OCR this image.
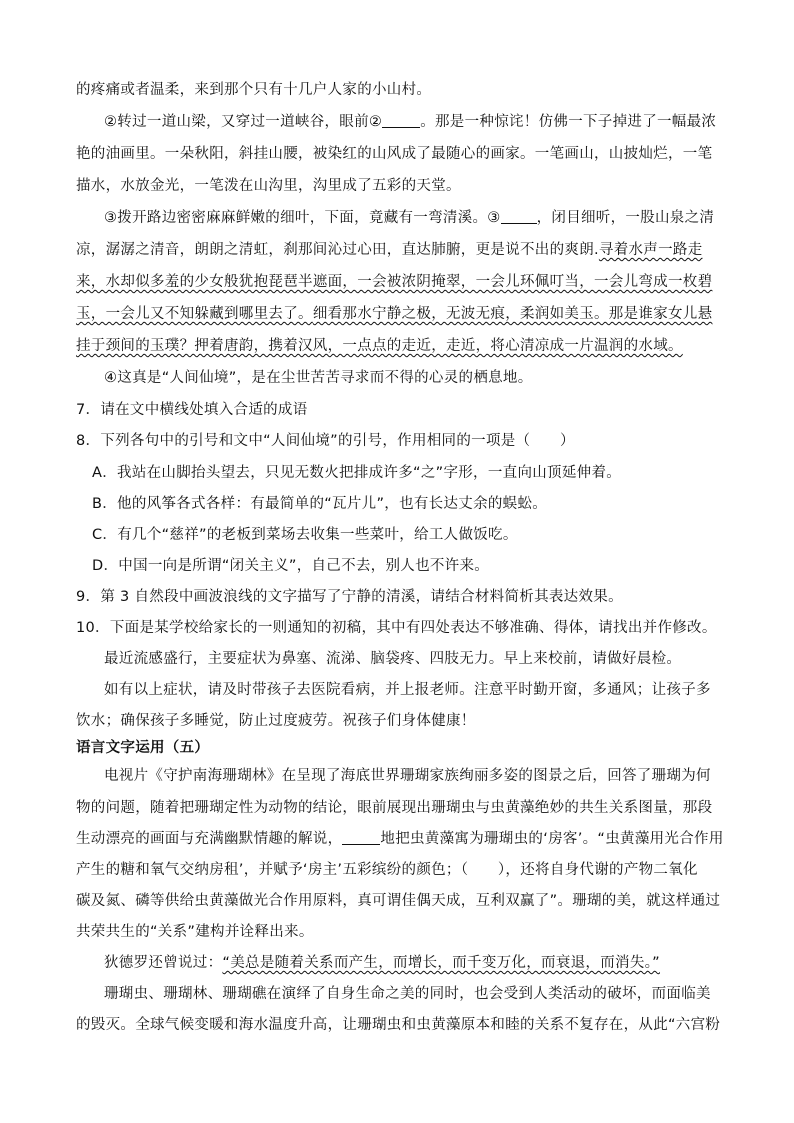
的疼痛或者温柔，来到那个只有十几户人家的小山村。
②转过一道山梁，又穿过一道峡谷，眼前②	。那是一种惊诧！仿佛一下子掉进了一幅最浓
艳的油画里。一朵秋阳，斜挂山腰，被染红的山风成了最随心的画家。一笔画山，山披灿烂，一笔
描水，水放金光，一笔泼在山沟里，沟里成了五彩的天堂。
③拨开路边密密麻麻鲜嫩的细叶，下面，竟藏有一弯清溪。③ ，闭目细听，一股山泉之清
凉，潺潺之清音，朗朗之清虹，刹那间沁过心田，直达肺腑，更是说不出的爽朗.寻着水声一路走
来，水却似多羞的少女般犹抱琵琶半遮面，一会被浓阴掩翠，一会儿环佩叮当，一会儿弯成一枚碧
玉，一会儿又不知躲藏到哪里去了。细看那水宁静之极，无波无痕，柔润如美玉。那是谁家女儿悬
挂于颈间的玉璞？押着唐韵，携着汉风，一点点的走近，走近，将心清凉成一片温润的水域。
④这真是“人间仙境”，是在尘世苦苦寻求而不得的心灵的栖息地。
7．请在文中横线处填入合适的成语
8．下列各句中的引号和文中“人间仙境”的引号，作用相同的一项是（　　）
A．我站在山脚抬头望去，只见无数火把排成许多“之”字形，一直向山顶延伸着。
B．他的风筝各式各样：有最简单的“瓦片儿”，也有长达丈余的蜈蚣。
C．有几个“慈祥”的老板到菜场去收集一些菜叶，给工人做饭吃。
D．中国一向是所谓“闭关主义”，自己不去，别人也不许来。
9．第 3 自然段中画波浪线的文字描写了宁静的清溪，请结合材料简析其表达效果。
10．下面是某学校给家长的一则通知的初稿，其中有四处表达不够准确、得体，请找出并作修改。
最近流感盛行，主要症状为鼻塞、流涕、脑袋疼、四肢无力。早上来校前，请做好晨检。
如有以上症状，请及时带孩子去医院看病，并上报老师。注意平时勤开窗，多通风；让孩子多
饮水；确保孩子多睡觉，防止过度疲劳。祝孩子们身体健康！
语言文字运用（五）
电视片《守护南海珊瑚林》在呈现了海底世界珊瑚家族绚丽多姿的图景之后，回答了珊瑚为何
物的问题，随着把珊瑚定性为动物的结论，眼前展现出珊瑚虫与虫黄藻绝妙的共生关系图量，那段
生动漂亮的画面与充满幽默情趣的解说，	地把虫黄藻寓为珊瑚虫的‘房客’。“虫黄藻用光合作用
产生的糖和氧气交纳房租’，并赋予‘房主’五彩缤纷的颜色；（　　），还将自身代谢的产物二氧化
碳及氮、磷等供给虫黄藻做光合作用原料，真可谓佳偶天成，互利双赢了”。珊瑚的美，就这样通过
共荣共生的“关系”建构并诠释出来。
狄德罗还曾说过：“美总是随着关系而产生，而增长，而千变万化，而衰退，而消失。”
珊瑚虫、珊瑚林、珊瑚礁在演绎了自身生命之美的同时，也会受到人类活动的破坏，而面临美
的毁灭。全球气候变暖和海水温度升高，让珊瑚虫和虫黄藻原本和睦的关系不复存在，从此“六宫粉
